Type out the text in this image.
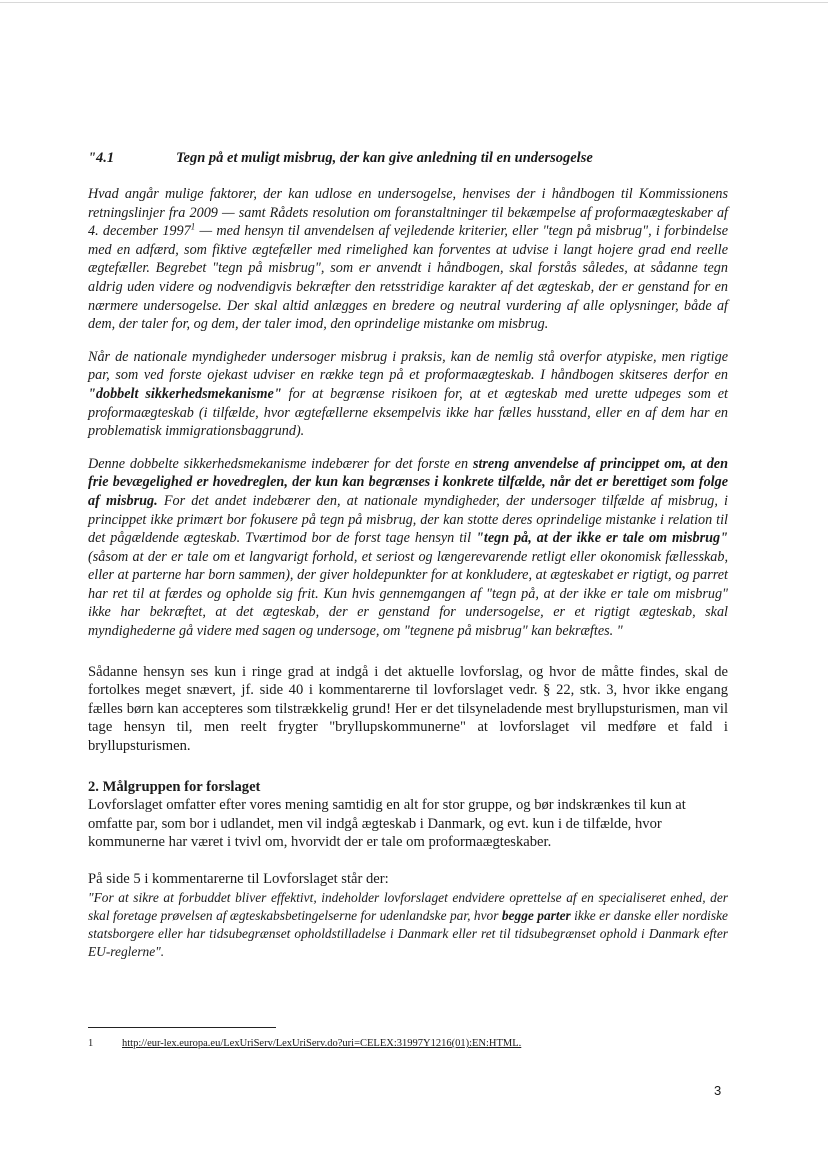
"4.1	Tegn på et muligt misbrug, der kan give anledning til en undersogelse

Hvad angår mulige faktorer, der kan udlose en undersogelse, henvises der i håndbogen til Kommissionens retningslinjer fra 2009 — samt Rådets resolution om foranstaltninger til bekæmpelse af proformaægteskaber af 4. december 1997$^1$ — med hensyn til anvendelsen af vejledende kriterier, eller "tegn på misbrug", i forbindelse med en adfærd, som fiktive ægtefæller med rimelighed kan forventes at udvise i langt hojere grad end reelle ægtefæller. Begrebet "tegn på misbrug", som er anvendt i håndbogen, skal forstås således, at sådanne tegn aldrig uden videre og nodvendigvis bekræfter den retsstridige karakter af det ægteskab, der er genstand for en nærmere undersogelse. Der skal altid anlægges en bredere og neutral vurdering af alle oplysninger, både af dem, der taler for, og dem, der taler imod, den oprindelige mistanke om misbrug.

Når de nationale myndigheder undersoger misbrug i praksis, kan de nemlig stå overfor atypiske, men rigtige par, som ved forste ojekast udviser en række tegn på et proformaægteskab. I håndbogen skitseres derfor en "dobbelt sikkerhedsmekanisme" for at begrænse risikoen for, at et ægteskab med urette udpeges som et proformaægteskab (i tilfælde, hvor ægtefællerne eksempelvis ikke har fælles husstand, eller en af dem har en problematisk immigrationsbaggrund).

Denne dobbelte sikkerhedsmekanisme indebærer for det forste en streng anvendelse af princippet om, at den frie bevægelighed er hovedreglen, der kun kan begrænses i konkrete tilfælde, når det er berettiget som folge af misbrug. For det andet indebærer den, at nationale myndigheder, der undersoger tilfælde af misbrug, i princippet ikke primært bor fokusere på tegn på misbrug, der kan stotte deres oprindelige mistanke i relation til det pågældende ægteskab. Tværtimod bor de forst tage hensyn til "tegn på, at der ikke er tale om misbrug" (såsom at der er tale om et langvarigt forhold, et seriost og længerevarende retligt eller okonomisk fællesskab, eller at parterne har born sammen), der giver holdepunkter for at konkludere, at ægteskabet er rigtigt, og parret har ret til at færdes og opholde sig frit. Kun hvis gennemgangen af "tegn på, at der ikke er tale om misbrug" ikke har bekræftet, at det ægteskab, der er genstand for undersogelse, er et rigtigt ægteskab, skal myndighederne gå videre med sagen og undersoge, om "tegnene på misbrug" kan bekræftes. "

Sådanne hensyn ses kun i ringe grad at indgå i det aktuelle lovforslag, og hvor de måtte findes, skal de fortolkes meget snævert, jf. side 40 i kommentarerne til lovforslaget vedr. § 22, stk. 3, hvor ikke engang fælles børn kan accepteres som tilstrækkelig grund! Her er det tilsyneladende mest bryllupsturismen, man vil tage hensyn til, men reelt frygter "bryllupskommunerne" at lovforslaget vil medføre et fald i bryllupsturismen.

2. Målgruppen for forslaget

Lovforslaget omfatter efter vores mening samtidig en alt for stor gruppe, og bør indskrænkes til kun at omfatte par, som bor i udlandet, men vil indgå ægteskab i Danmark, og evt. kun i de tilfælde, hvor kommunerne har været i tvivl om, hvorvidt der er tale om proformaægteskaber.

På side 5 i kommentarerne til Lovforslaget står der:

"For at sikre at forbuddet bliver effektivt, indeholder lovforslaget endvidere oprettelse af en specialiseret enhed, der skal foretage prøvelsen af ægteskabsbetingelserne for udenlandske par, hvor begge parter ikke er danske eller nordiske statsborgere eller har tidsubegrænset opholdstilladelse i Danmark eller ret til tidsubegrænset ophold i Danmark efter EU-reglerne".

1	http://eur-lex.europa.eu/LexUriServ/LexUriServ.do?uri=CELEX:31997Y1216(01):EN:HTML.
3
